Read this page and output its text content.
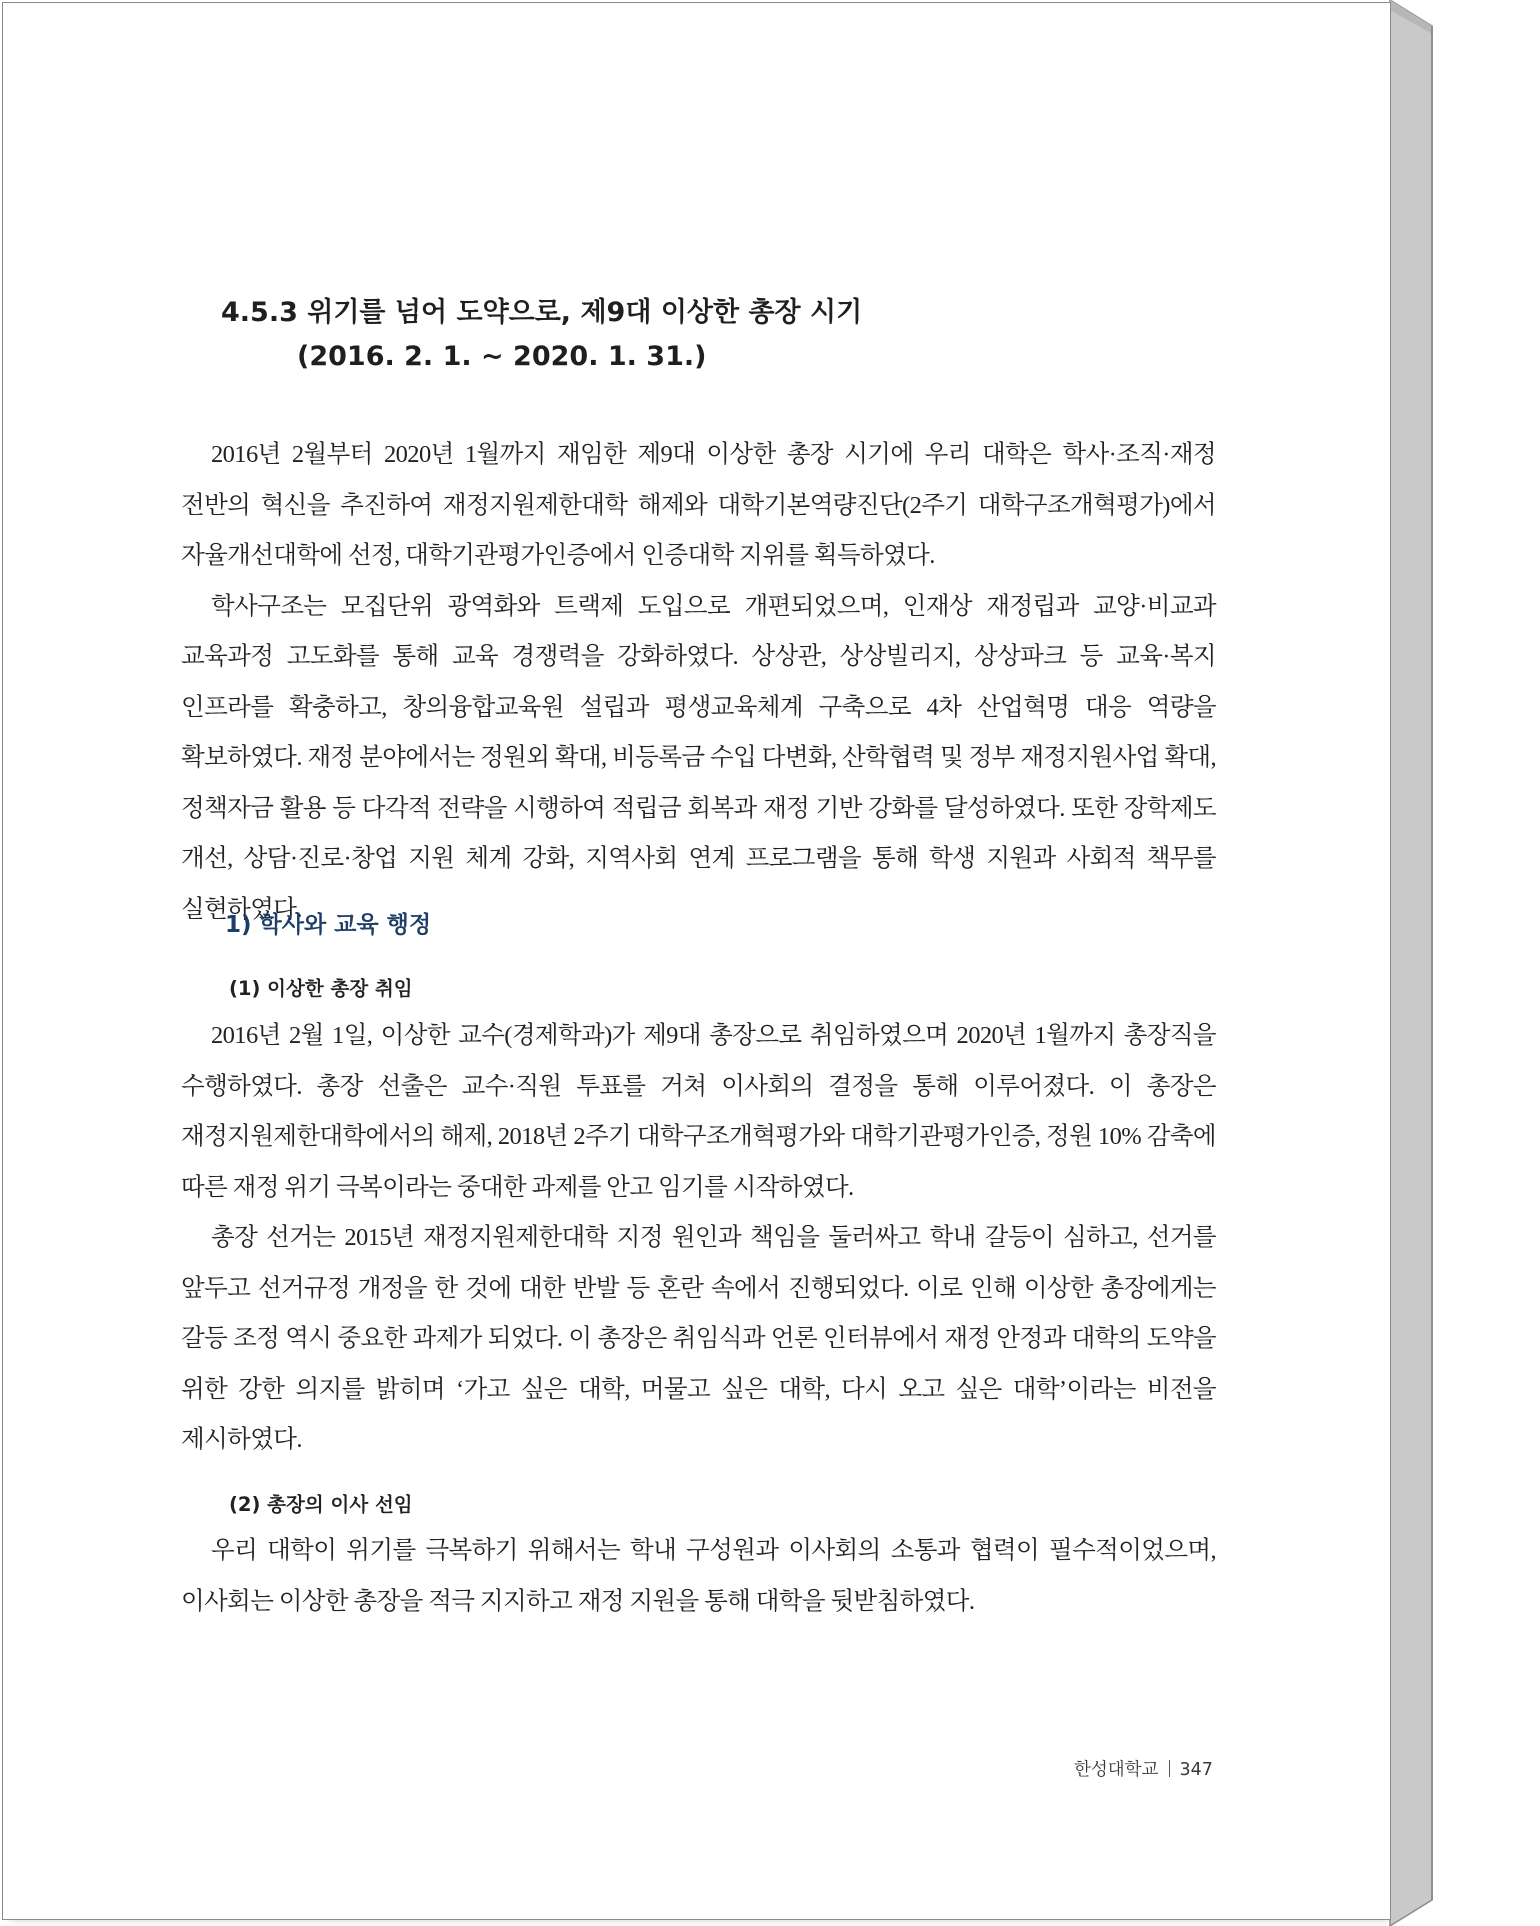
4.5.3 위기를 넘어 도약으로, 제9대 이상한 총장 시기
(2016. 2. 1. ~ 2020. 1. 31.)

2016년 2월부터 2020년 1월까지 재임한 제9대 이상한 총장 시기에 우리 대학은 학사·조직·재정 전반의 혁신을 추진하여 재정지원제한대학 해제와 대학기본역량진단(2주기 대학구조개혁평가)에서 자율개선대학에 선정, 대학기관평가인증에서 인증대학 지위를 획득하였다.

학사구조는 모집단위 광역화와 트랙제 도입으로 개편되었으며, 인재상 재정립과 교양·비교과 교육과정 고도화를 통해 교육 경쟁력을 강화하였다. 상상관, 상상빌리지, 상상파크 등 교육·복지 인프라를 확충하고, 창의융합교육원 설립과 평생교육체계 구축으로 4차 산업혁명 대응 역량을 확보하였다. 재정 분야에서는 정원외 확대, 비등록금 수입 다변화, 산학협력 및 정부 재정지원사업 확대, 정책자금 활용 등 다각적 전략을 시행하여 적립금 회복과 재정 기반 강화를 달성하였다. 또한 장학제도 개선, 상담·진로·창업 지원 체계 강화, 지역사회 연계 프로그램을 통해 학생 지원과 사회적 책무를 실현하였다.

1) 학사와 교육 행정
(1) 이상한 총장 취임

2016년 2월 1일, 이상한 교수(경제학과)가 제9대 총장으로 취임하였으며 2020년 1월까지 총장직을 수행하였다. 총장 선출은 교수·직원 투표를 거쳐 이사회의 결정을 통해 이루어졌다. 이 총장은 재정지원제한대학에서의 해제, 2018년 2주기 대학구조개혁평가와 대학기관평가인증, 정원 10% 감축에 따른 재정 위기 극복이라는 중대한 과제를 안고 임기를 시작하였다.

총장 선거는 2015년 재정지원제한대학 지정 원인과 책임을 둘러싸고 학내 갈등이 심하고, 선거를 앞두고 선거규정 개정을 한 것에 대한 반발 등 혼란 속에서 진행되었다. 이로 인해 이상한 총장에게는 갈등 조정 역시 중요한 과제가 되었다. 이 총장은 취임식과 언론 인터뷰에서 재정 안정과 대학의 도약을 위한 강한 의지를 밝히며 ‘가고 싶은 대학, 머물고 싶은 대학, 다시 오고 싶은 대학’이라는 비전을 제시하였다.

(2) 총장의 이사 선임

우리 대학이 위기를 극복하기 위해서는 학내 구성원과 이사회의 소통과 협력이 필수적이었으며, 이사회는 이상한 총장을 적극 지지하고 재정 지원을 통해 대학을 뒷받침하였다.

한성대학교 347
